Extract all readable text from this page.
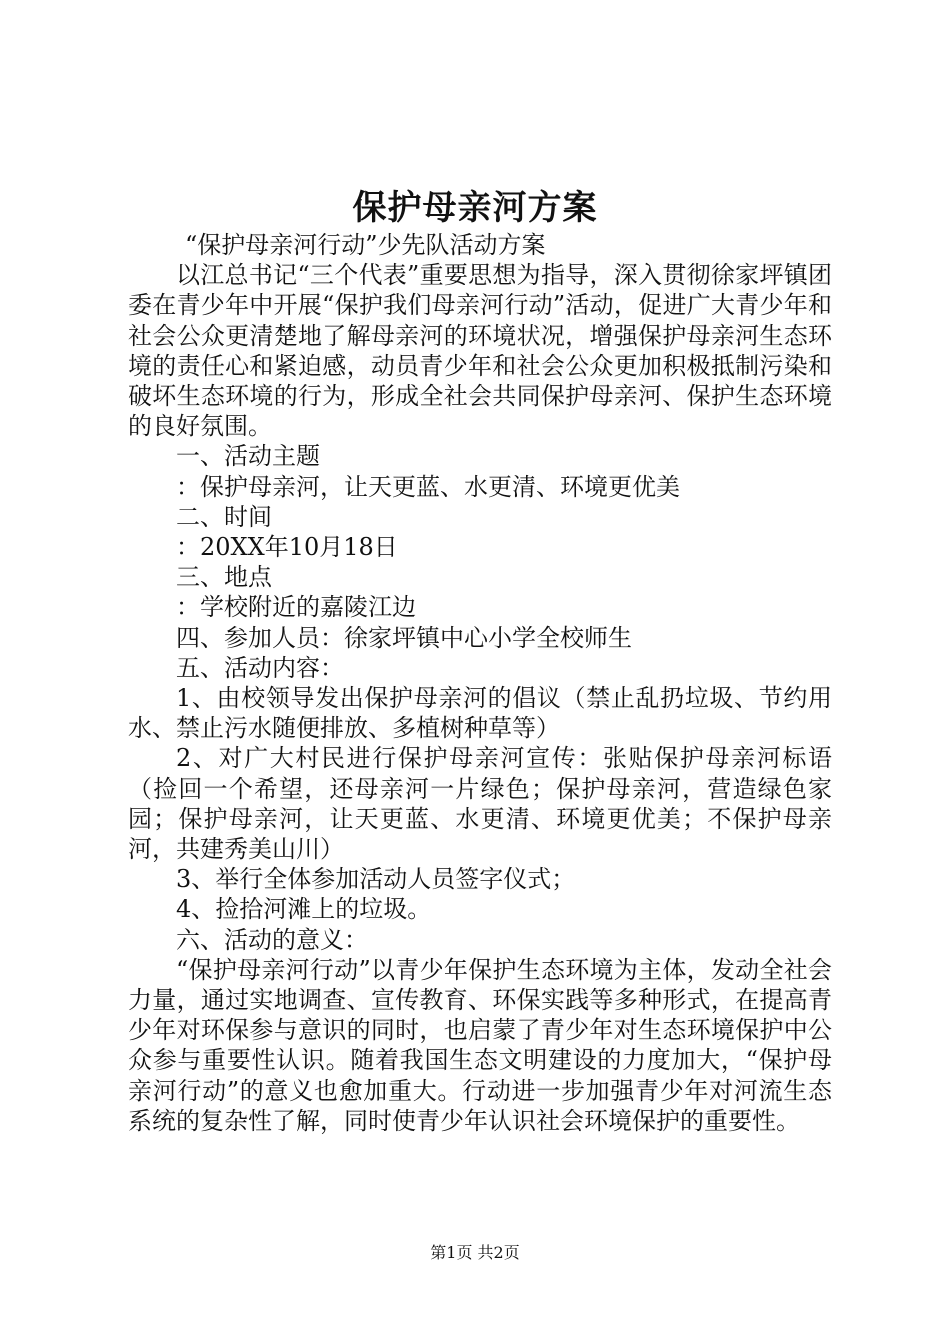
保护母亲河方案

“保护母亲河行动”少先队活动方案

以江总书记“三个代表”重要思想为指导，深入贯彻徐家坪镇团委在青少年中开展“保护我们母亲河行动”活动，促进广大青少年和社会公众更清楚地了解母亲河的环境状况，增强保护母亲河生态环境的责任心和紧迫感，动员青少年和社会公众更加积极抵制污染和破坏生态环境的行为，形成全社会共同保护母亲河、保护生态环境的良好氛围。

一、活动主题

：保护母亲河，让天更蓝、水更清、环境更优美

二、时间

：20XX年10月18日

三、地点

：学校附近的嘉陵江边

四、参加人员：徐家坪镇中心小学全校师生

五、活动内容：

1、由校领导发出保护母亲河的倡议（禁止乱扔垃圾、节约用水、禁止污水随便排放、多植树种草等）

2、对广大村民进行保护母亲河宣传：张贴保护母亲河标语（捡回一个希望，还母亲河一片绿色；保护母亲河，营造绿色家园；保护母亲河，让天更蓝、水更清、环境更优美；不保护母亲河，共建秀美山川）

3、举行全体参加活动人员签字仪式；

4、捡拾河滩上的垃圾。

六、活动的意义：

“保护母亲河行动”以青少年保护生态环境为主体，发动全社会力量，通过实地调查、宣传教育、环保实践等多种形式，在提高青少年对环保参与意识的同时，也启蒙了青少年对生态环境保护中公众参与重要性认识。随着我国生态文明建设的力度加大，“保护母亲河行动”的意义也愈加重大。行动进一步加强青少年对河流生态系统的复杂性了解，同时使青少年认识社会环境保护的重要性。

第1页 共2页
